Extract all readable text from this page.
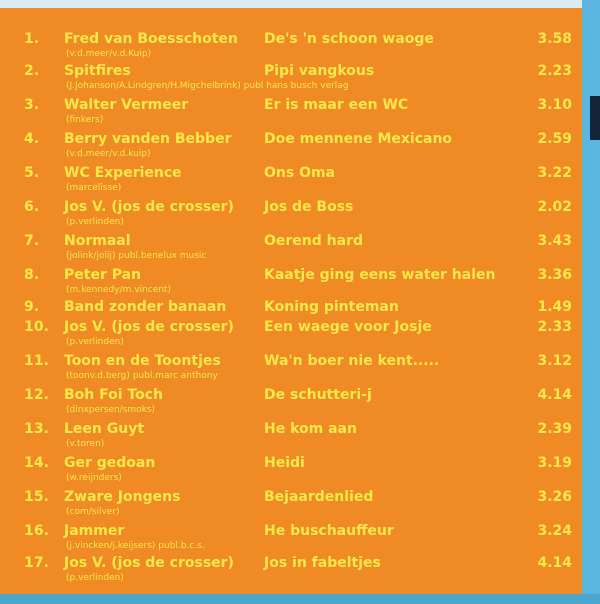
1.	Fred van Boesschoten
(v.d.meer/v.d.Kuip)
De's 'n schoon waoge	3.58
2.	Spitfires
(J.Johanson/A.Lindgren/H.Migchelbrink) publ hans busch verlag
Pipi vangkous	2.23
3.	Walter Vermeer
(finkers)
Er is maar een WC	3.10
4.	Berry vanden Bebber
(v.d.meer/v.d.kuip)
Doe mennene Mexicano	2.59
5.	WC Experience
(marcelisse)
Ons Oma	3.22
6.	Jos V. (jos de crosser)
(p.verlinden)
Jos de Boss	2.02
7.	Normaal
(jolink/jolij) publ.benelux music
Oerend hard	3.43
8.	Peter Pan
(m.kennedy/m.vincent)
Kaatje ging eens water halen	3.36
9.	Band zonder banaan	Koning pinteman	1.49
10.	Jos V. (jos de crosser)
(p.verlinden)
Een waege voor Josje	2.33
11.	Toon en de Toontjes
(toonv.d.berg) publ.marc anthony
Wa'n boer nie kent.....	3.12
12.	Boh Foi Toch
(dinxpersen/smoks)
De schutteri-j	4.14
13.	Leen Guyt
(v.toren)
He kom aan	2.39
14.	Ger gedoan
(w.reijnders)
Heidi	3.19
15.	Zware Jongens
(com/silver)
Bejaardenlied	3.26
16.	Jammer
(j.vincken/j.keijsers) publ.b.c.s.
He buschauffeur	3.24
17.	Jos V. (jos de crosser)
(p.verlinden)
Jos in fabeltjes	4.14
